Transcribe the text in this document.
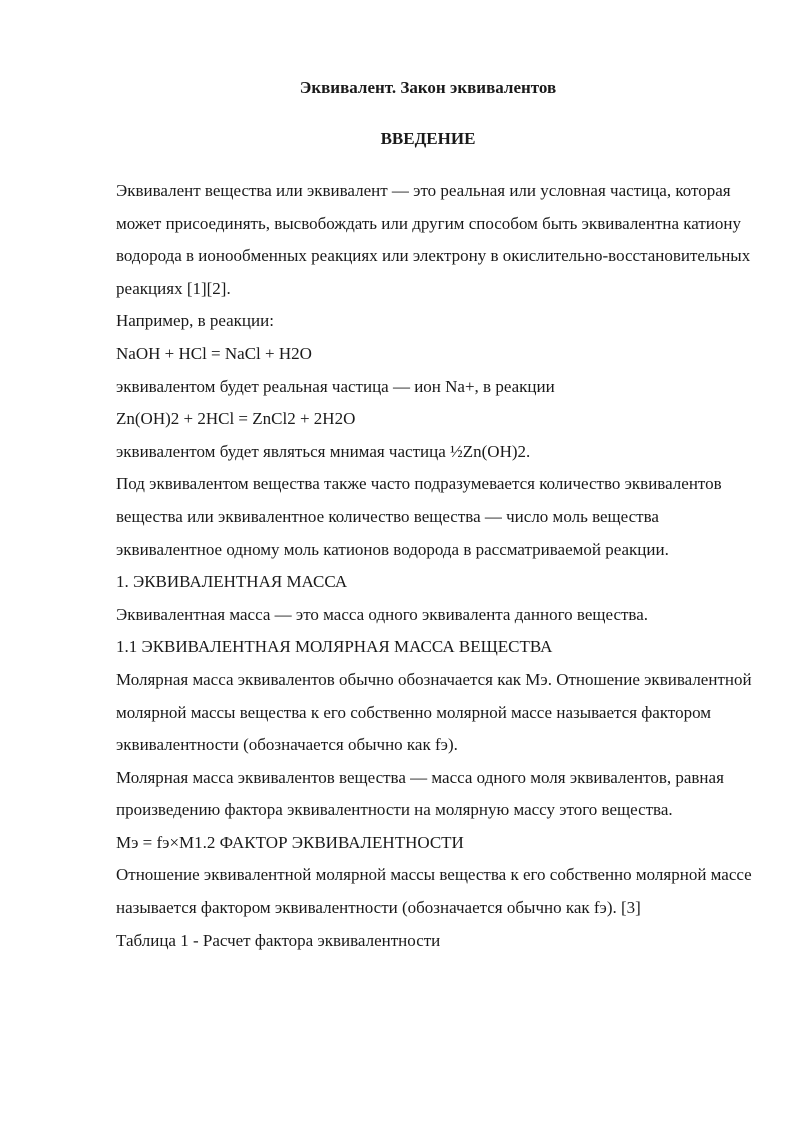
Эквивалент. Закон эквивалентов
ВВЕДЕНИЕ

Эквивалент вещества или эквивалент — это реальная или условная частица, которая может присоединять, высвобождать или другим способом быть эквивалентна катиону водорода в ионообменных реакциях или электрону в окислительно-восстановительных реакциях [1][2].

Например, в реакции:

NaOH + HCl = NaCl + H2O

эквивалентом будет реальная частица — ион Na+, в реакции

Zn(OH)2 + 2HCl = ZnCl2 + 2H2O

эквивалентом будет являться мнимая частица ½Zn(OH)2.

Под эквивалентом вещества также часто подразумевается количество эквивалентов вещества или эквивалентное количество вещества — число моль вещества эквивалентное одному моль катионов водорода в рассматриваемой реакции.

1. ЭКВИВАЛЕНТНАЯ МАССА

Эквивалентная масса — это масса одного эквивалента данного вещества.

1.1 ЭКВИВАЛЕНТНАЯ МОЛЯРНАЯ МАССА ВЕЩЕСТВА

Молярная масса эквивалентов обычно обозначается как Mэ. Отношение эквивалентной молярной массы вещества к его собственно молярной массе называется фактором эквивалентности (обозначается обычно как fэ).

Молярная масса эквивалентов вещества — масса одного моля эквивалентов, равная произведению фактора эквивалентности на молярную массу этого вещества.

Mэ = fэ×M1.2 ФАКТОР ЭКВИВАЛЕНТНОСТИ

Отношение эквивалентной молярной массы вещества к его собственно молярной массе называется фактором эквивалентности (обозначается обычно как fэ). [3]

Таблица 1 - Расчет фактора эквивалентности
